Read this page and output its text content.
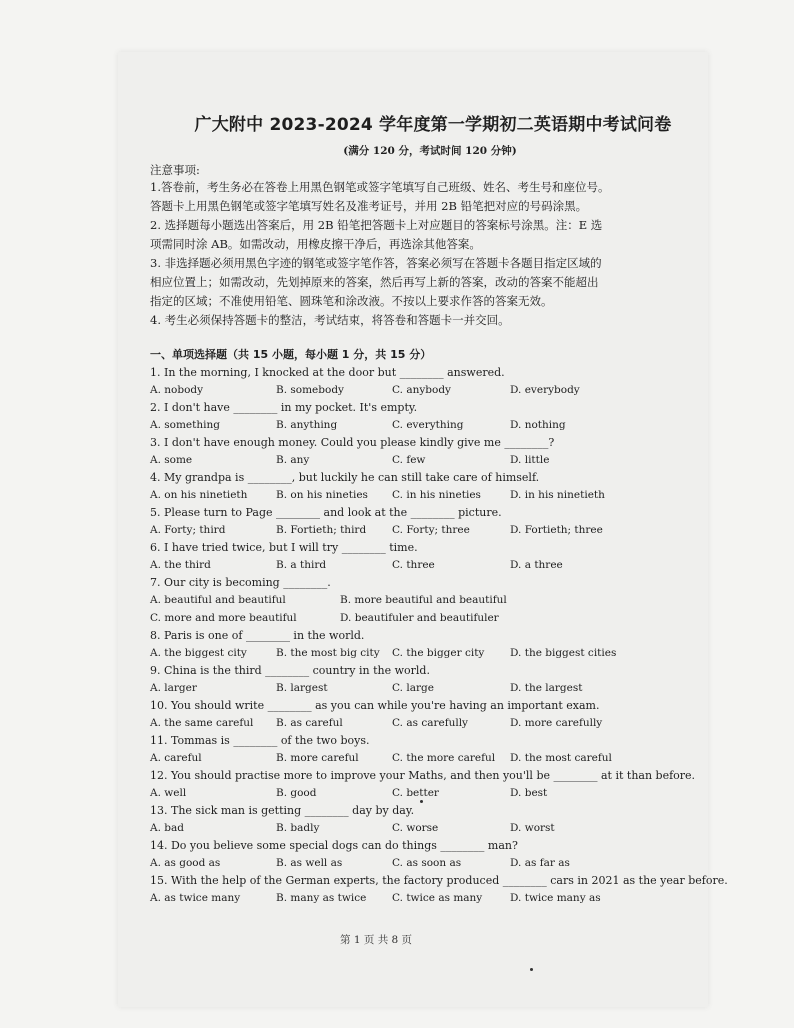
广大附中 2023-2024 学年度第一学期初二英语期中考试问卷
(满分 120 分，考试时间 120 分钟)
注意事项:
1.答卷前，考生务必在答卷上用黑色钢笔或签字笔填写自己班级、姓名、考生号和座位号。
答题卡上用黑色钢笔或签字笔填写姓名及准考证号，并用 2B 铅笔把对应的号码涂黑。
2. 选择题每小题选出答案后，用 2B 铅笔把答题卡上对应题目的答案标号涂黑。注：E 选
项需同时涂 AB。如需改动，用橡皮擦干净后，再选涂其他答案。
3. 非选择题必须用黑色字迹的钢笔或签字笔作答，答案必须写在答题卡各题目指定区域的
相应位置上；如需改动，先划掉原来的答案，然后再写上新的答案，改动的答案不能超出
指定的区域；不准使用铅笔、圆珠笔和涂改液。不按以上要求作答的答案无效。
4. 考生必须保持答题卡的整洁，考试结束，将答卷和答题卡一并交回。
一、单项选择题（共 15 小题，每小题 1 分，共 15 分）
1. In the morning, I knocked at the door but ________ answered.
A. nobody	B. somebody	C. anybody	D. everybody
2. I don't have ________ in my pocket. It's empty.
A. something	B. anything	C. everything	D. nothing
3. I don't have enough money. Could you please kindly give me ________?
A. some	B. any	C. few	D. little
4. My grandpa is ________, but luckily he can still take care of himself.
A. on his ninetieth	B. on his nineties	C. in his nineties	D. in his ninetieth
5. Please turn to Page ________ and look at the ________ picture.
A. Forty; third	B. Fortieth; third	C. Forty; three	D. Fortieth; three
6. I have tried twice, but I will try ________ time.
A. the third	B. a third	C. three	D. a three
7. Our city is becoming ________.
A. beautiful and beautiful	B. more beautiful and beautiful
C. more and more beautiful	D. beautifuler and beautifuler
8. Paris is one of ________ in the world.
A. the biggest city	B. the most big city	C. the bigger city	D. the biggest cities
9. China is the third ________ country in the world.
A. larger	B. largest	C. large	D. the largest
10. You should write ________ as you can while you're having an important exam.
A. the same careful	B. as careful	C. as carefully	D. more carefully
11. Tommas is ________ of the two boys.
A. careful	B. more careful	C. the more careful	D. the most careful
12. You should practise more to improve your Maths, and then you'll be ________ at it than before.
A. well	B. good	C. better	D. best
13. The sick man is getting ________ day by day.
A. bad	B. badly	C. worse	D. worst
14. Do you believe some special dogs can do things ________ man?
A. as good as	B. as well as	C. as soon as	D. as far as
15. With the help of the German experts, the factory produced ________ cars in 2021 as the year before.
A. as twice many	B. many as twice	C. twice as many	D. twice many as
第 1 页 共 8 页
